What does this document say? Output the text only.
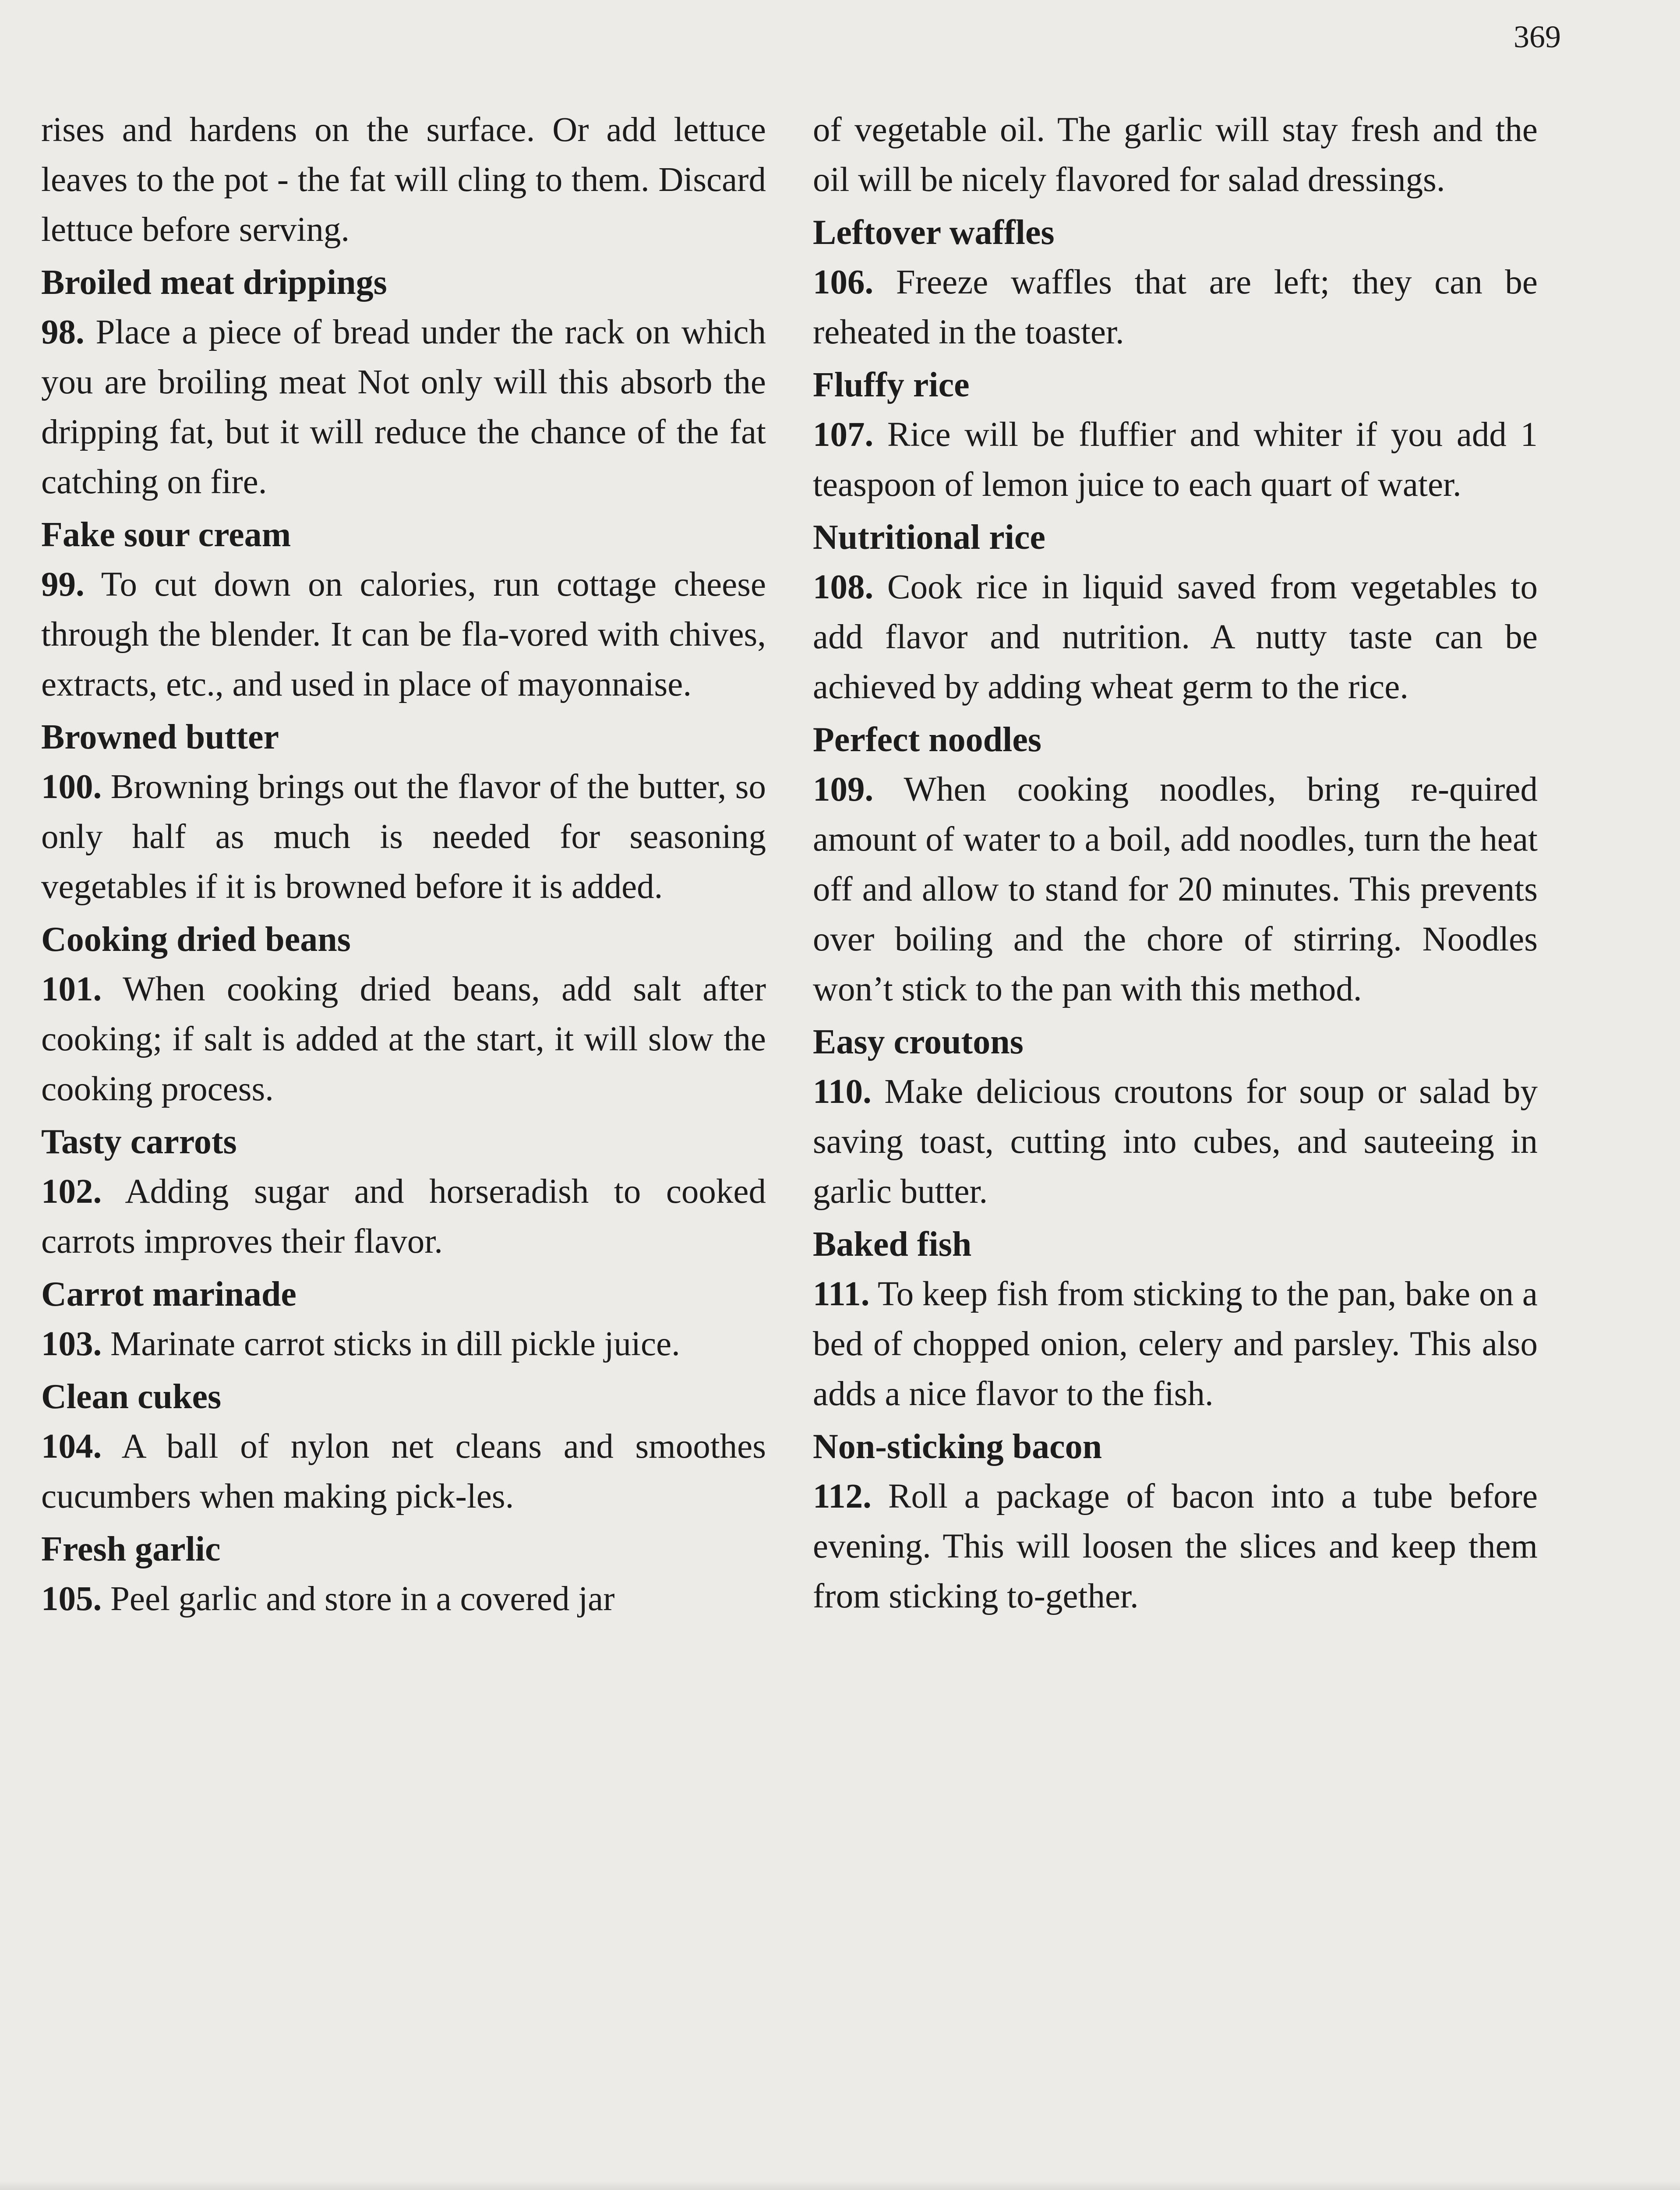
369

rises and hardens on the surface. Or add lettuce leaves to the pot - the fat will cling to them. Discard lettuce before serving.

Broiled meat drippings
98. Place a piece of bread under the rack on which you are broiling meat Not only will this absorb the dripping fat, but it will reduce the chance of the fat catching on fire.
Fake sour cream
99. To cut down on calories, run cottage cheese through the blender. It can be fla-vored with chives, extracts, etc., and used in place of mayonnaise.
Browned butter
100. Browning brings out the flavor of the butter, so only half as much is needed for seasoning vegetables if it is browned before it is added.
Cooking dried beans
101. When cooking dried beans, add salt after cooking; if salt is added at the start, it will slow the cooking process.
Tasty carrots
102. Adding sugar and horseradish to cooked carrots improves their flavor.
Carrot marinade
103. Marinate carrot sticks in dill pickle juice.
Clean cukes
104. A ball of nylon net cleans and smoothes cucumbers when making pick-les.
Fresh garlic
105. Peel garlic and store in a covered jar

of vegetable oil. The garlic will stay fresh and the oil will be nicely flavored for salad dressings.

Leftover waffles
106. Freeze waffles that are left; they can be reheated in the toaster.
Fluffy rice
107. Rice will be fluffier and whiter if you add 1 teaspoon of lemon juice to each quart of water.
Nutritional rice
108. Cook rice in liquid saved from vegetables to add flavor and nutrition. A nutty taste can be achieved by adding wheat germ to the rice.
Perfect noodles
109. When cooking noodles, bring re-quired amount of water to a boil, add noodles, turn the heat off and allow to stand for 20 minutes. This prevents over boiling and the chore of stirring. Noodles won’t stick to the pan with this method.
Easy croutons
110. Make delicious croutons for soup or salad by saving toast, cutting into cubes, and sauteeing in garlic butter.
Baked fish
111. To keep fish from sticking to the pan, bake on a bed of chopped onion, celery and parsley. This also adds a nice flavor to the fish.
Non-sticking bacon
112. Roll a package of bacon into a tube before evening. This will loosen the slices and keep them from sticking to-gether.
